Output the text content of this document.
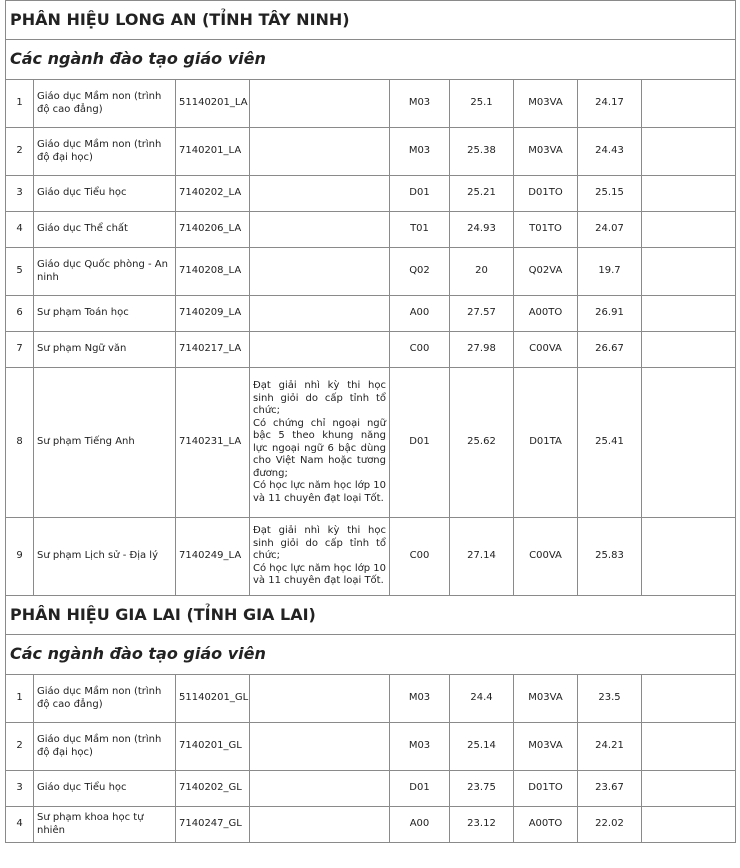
PHÂN HIỆU LONG AN (TỈNH TÂY NINH)								
Các ngành đào tạo giáo viên								
1	Giáo dục Mầm non (trình độ cao đẳng)	51140201_LA		M03	25.1	M03VA	24.17	
2	Giáo dục Mầm non (trình độ đại học)	7140201_LA		M03	25.38	M03VA	24.43	
3	Giáo dục Tiểu học	7140202_LA		D01	25.21	D01TO	25.15	
4	Giáo dục Thể chất	7140206_LA		T01	24.93	T01TO	24.07	
5	Giáo dục Quốc phòng - An ninh	7140208_LA		Q02	20	Q02VA	19.7	
6	Sư phạm Toán học	7140209_LA		A00	27.57	A00TO	26.91	
7	Sư phạm Ngữ văn	7140217_LA		C00	27.98	C00VA	26.67	
8	Sư phạm Tiếng Anh	7140231_LA	Đạt giải nhì kỳ thi học sinh giỏi do cấp tỉnh tổ chức;
Có chứng chỉ ngoại ngữ bậc 5 theo khung năng lực ngoại ngữ 6 bậc dùng cho Việt Nam hoặc tương đương;
Có học lực năm học lớp 10 và 11 chuyên đạt loại Tốt.	D01	25.62	D01TA	25.41	
9	Sư phạm Lịch sử - Địa lý	7140249_LA	Đạt giải nhì kỳ thi học sinh giỏi do cấp tỉnh tổ chức;
Có học lực năm học lớp 10 và 11 chuyên đạt loại Tốt.	C00	27.14	C00VA	25.83	
PHÂN HIỆU GIA LAI (TỈNH GIA LAI)								
Các ngành đào tạo giáo viên								
1	Giáo dục Mầm non (trình độ cao đẳng)	51140201_GL		M03	24.4	M03VA	23.5	
2	Giáo dục Mầm non (trình độ đại học)	7140201_GL		M03	25.14	M03VA	24.21	
3	Giáo dục Tiểu học	7140202_GL		D01	23.75	D01TO	23.67	
4	Sư phạm khoa học tự nhiên	7140247_GL		A00	23.12	A00TO	22.02	
